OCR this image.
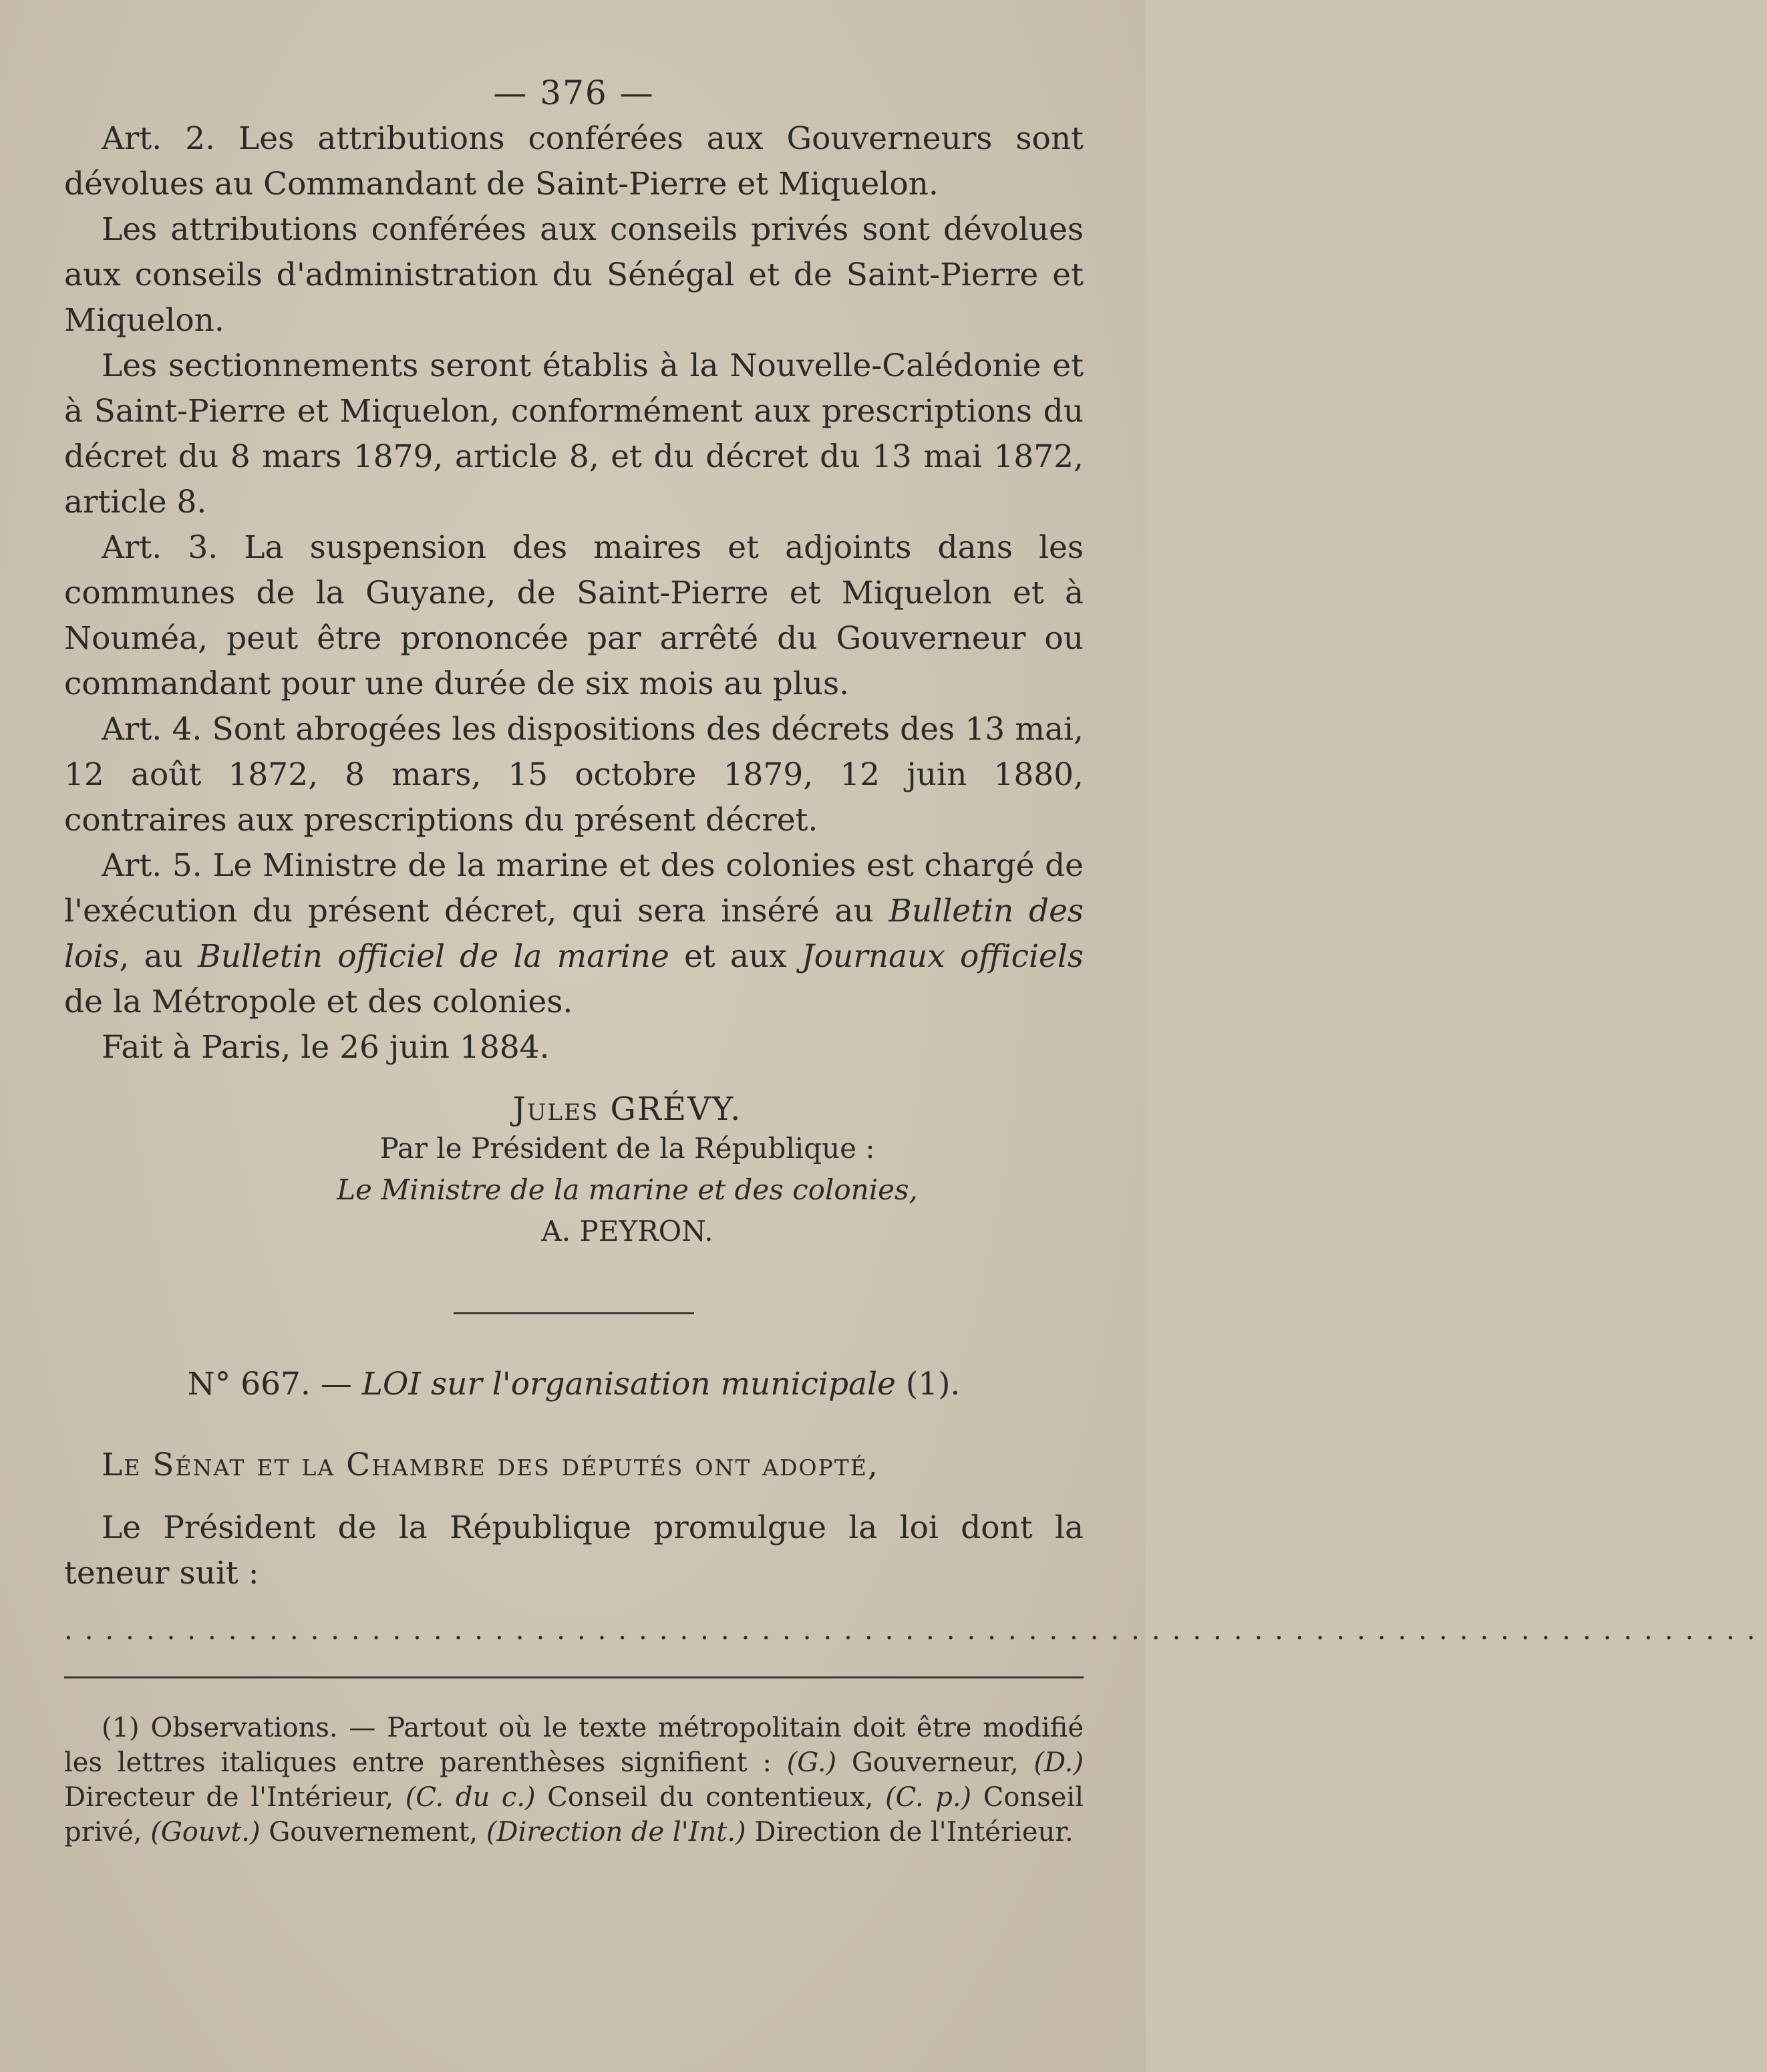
— 376 —

Art. 2. Les attributions conférées aux Gouverneurs sont dévolues au Commandant de Saint-Pierre et Miquelon.

Les attributions conférées aux conseils privés sont dévolues aux conseils d'administration du Sénégal et de Saint-Pierre et Miquelon.

Les sectionnements seront établis à la Nouvelle-Calédonie et à Saint-Pierre et Miquelon, conformément aux prescriptions du décret du 8 mars 1879, article 8, et du décret du 13 mai 1872, article 8.

Art. 3. La suspension des maires et adjoints dans les communes de la Guyane, de Saint-Pierre et Miquelon et à Nouméa, peut être prononcée par arrêté du Gouverneur ou commandant pour une durée de six mois au plus.

Art. 4. Sont abrogées les dispositions des décrets des 13 mai, 12 août 1872, 8 mars, 15 octobre 1879, 12 juin 1880, contraires aux prescriptions du présent décret.

Art. 5. Le Ministre de la marine et des colonies est chargé de l'exécution du présent décret, qui sera inséré au Bulletin des lois, au Bulletin officiel de la marine et aux Journaux officiels de la Métropole et des colonies.

Fait à Paris, le 26 juin 1884.

Jules GRÉVY.
Par le Président de la République :
Le Ministre de la marine et des colonies,
A. PEYRON.
N° 667. — LOI sur l'organisation municipale (1).

Le Sénat et la Chambre des députés ont adopté,

Le Président de la République promulgue la loi dont la teneur suit :

...................................................................................

(1) Observations. — Partout où le texte métropolitain doit être modifié les lettres italiques entre parenthèses signifient : (G.) Gouverneur, (D.) Directeur de l'Intérieur, (C. du c.) Conseil du contentieux, (C. p.) Conseil privé, (Gouvt.) Gouvernement, (Direction de l'Int.) Direction de l'Intérieur.
